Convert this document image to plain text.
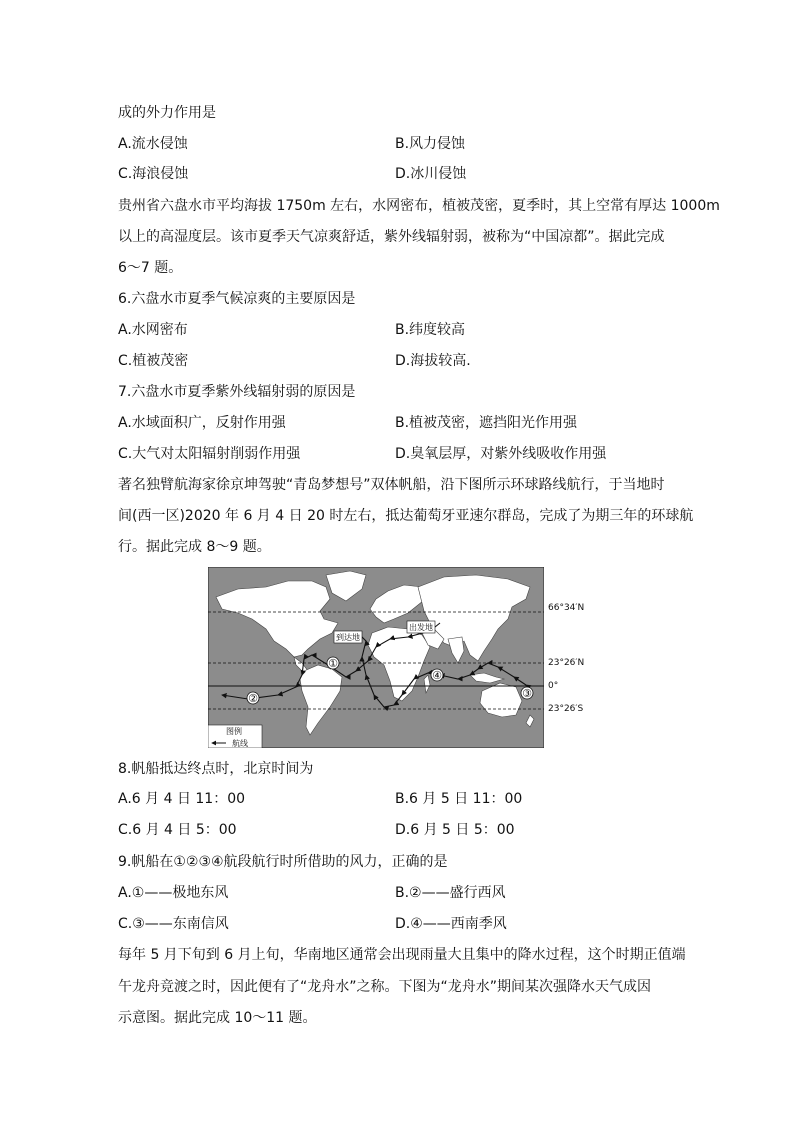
成的外力作用是
A.流水侵蚀	B.风力侵蚀
C.海浪侵蚀	D.冰川侵蚀
贵州省六盘水市平均海拔 1750m 左右，水网密布，植被茂密，夏季时，其上空常有厚达 1000m
以上的高湿度层。该市夏季天气凉爽舒适，紫外线辐射弱，被称为“中国凉都”。据此完成
6～7 题。
6.六盘水市夏季气候凉爽的主要原因是
A.水网密布	B.纬度较高
C.植被茂密	D.海拔较高.
7.六盘水市夏季紫外线辐射弱的原因是
A.水域面积广，反射作用强	B.植被茂密，遮挡阳光作用强
C.大气对太阳辐射削弱作用强	D.臭氧层厚，对紫外线吸收作用强
著名独臂航海家徐京坤驾驶“青岛梦想号”双体帆船，沿下图所示环球路线航行，于当地时
间(西一区)2020 年 6 月 4 日 20 时左右，抵达葡萄牙亚速尔群岛，完成了为期三年的环球航
行。据此完成 8～9 题。
①
②	③
④
到达地
出发地
图例
航线
66°34′N
23°26′N
0°
23°26′S
8.帆船抵达终点时，北京时间为
A.6 月 4 日 11：00	B.6 月 5 日 11：00
C.6 月 4 日 5：00	D.6 月 5 日 5：00
9.帆船在①②③④航段航行时所借助的风力，正确的是
A.①——极地东风	B.②——盛行西风
C.③——东南信风	D.④——西南季风
每年 5 月下旬到 6 月上旬，华南地区通常会出现雨量大且集中的降水过程，这个时期正值端
午龙舟竞渡之时，因此便有了“龙舟水”之称。下图为“龙舟水”期间某次强降水天气成因
示意图。据此完成 10～11 题。
